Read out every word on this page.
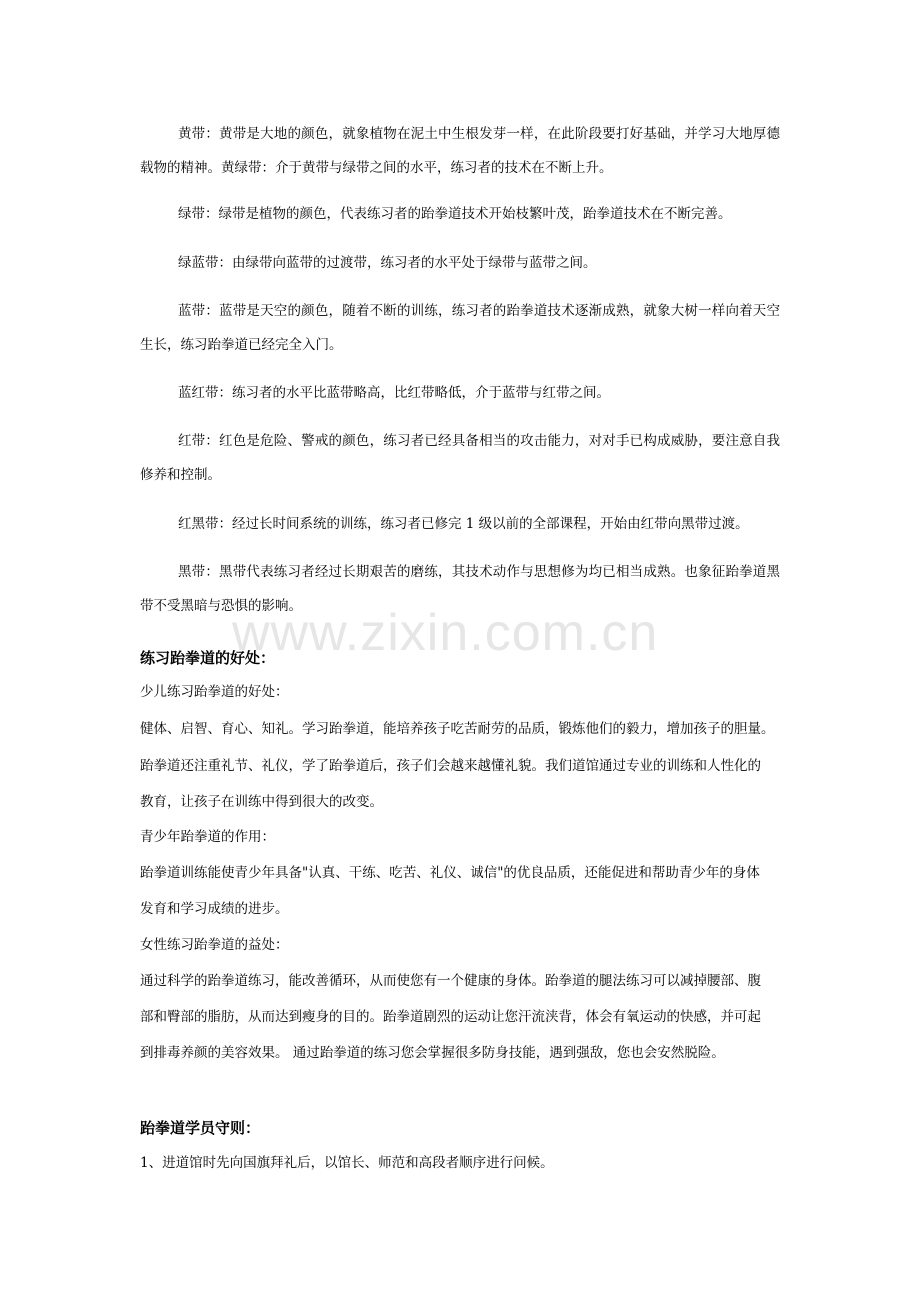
www.zixin.com.cn

黄带：黄带是大地的颜色，就象植物在泥土中生根发芽一样，在此阶段要打好基础，并学习大地厚德载物的精神。黄绿带：介于黄带与绿带之间的水平，练习者的技术在不断上升。

绿带：绿带是植物的颜色，代表练习者的跆拳道技术开始枝繁叶茂，跆拳道技术在不断完善。

绿蓝带：由绿带向蓝带的过渡带，练习者的水平处于绿带与蓝带之间。

蓝带：蓝带是天空的颜色，随着不断的训练，练习者的跆拳道技术逐渐成熟，就象大树一样向着天空生长，练习跆拳道已经完全入门。

蓝红带：练习者的水平比蓝带略高，比红带略低，介于蓝带与红带之间。

红带：红色是危险、警戒的颜色，练习者已经具备相当的攻击能力，对对手已构成威胁，要注意自我修养和控制。

红黑带：经过长时间系统的训练，练习者已修完 1 级以前的全部课程，开始由红带向黑带过渡。

黑带：黑带代表练习者经过长期艰苦的磨练，其技术动作与思想修为均已相当成熟。也象征跆拳道黑带不受黑暗与恐惧的影响。

练习跆拳道的好处：

少儿练习跆拳道的好处：

健体、启智、育心、知礼。学习跆拳道，能培养孩子吃苦耐劳的品质，锻炼他们的毅力，增加孩子的胆量。

跆拳道还注重礼节、礼仪，学了跆拳道后，孩子们会越来越懂礼貌。我们道馆通过专业的训练和人性化的

教育，让孩子在训练中得到很大的改变。

青少年跆拳道的作用：

跆拳道训练能使青少年具备"认真、干练、吃苦、礼仪、诚信"的优良品质，还能促进和帮助青少年的身体

发育和学习成绩的进步。

女性练习跆拳道的益处：

通过科学的跆拳道练习，能改善循环，从而使您有一个健康的身体。跆拳道的腿法练习可以减掉腰部、腹

部和臀部的脂肪，从而达到瘦身的目的。跆拳道剧烈的运动让您汗流浃背，体会有氧运动的快感，并可起

到排毒养颜的美容效果。 通过跆拳道的练习您会掌握很多防身技能，遇到强敌，您也会安然脱险。

跆拳道学员守则：

1、进道馆时先向国旗拜礼后，以馆长、师范和高段者顺序进行问候。
